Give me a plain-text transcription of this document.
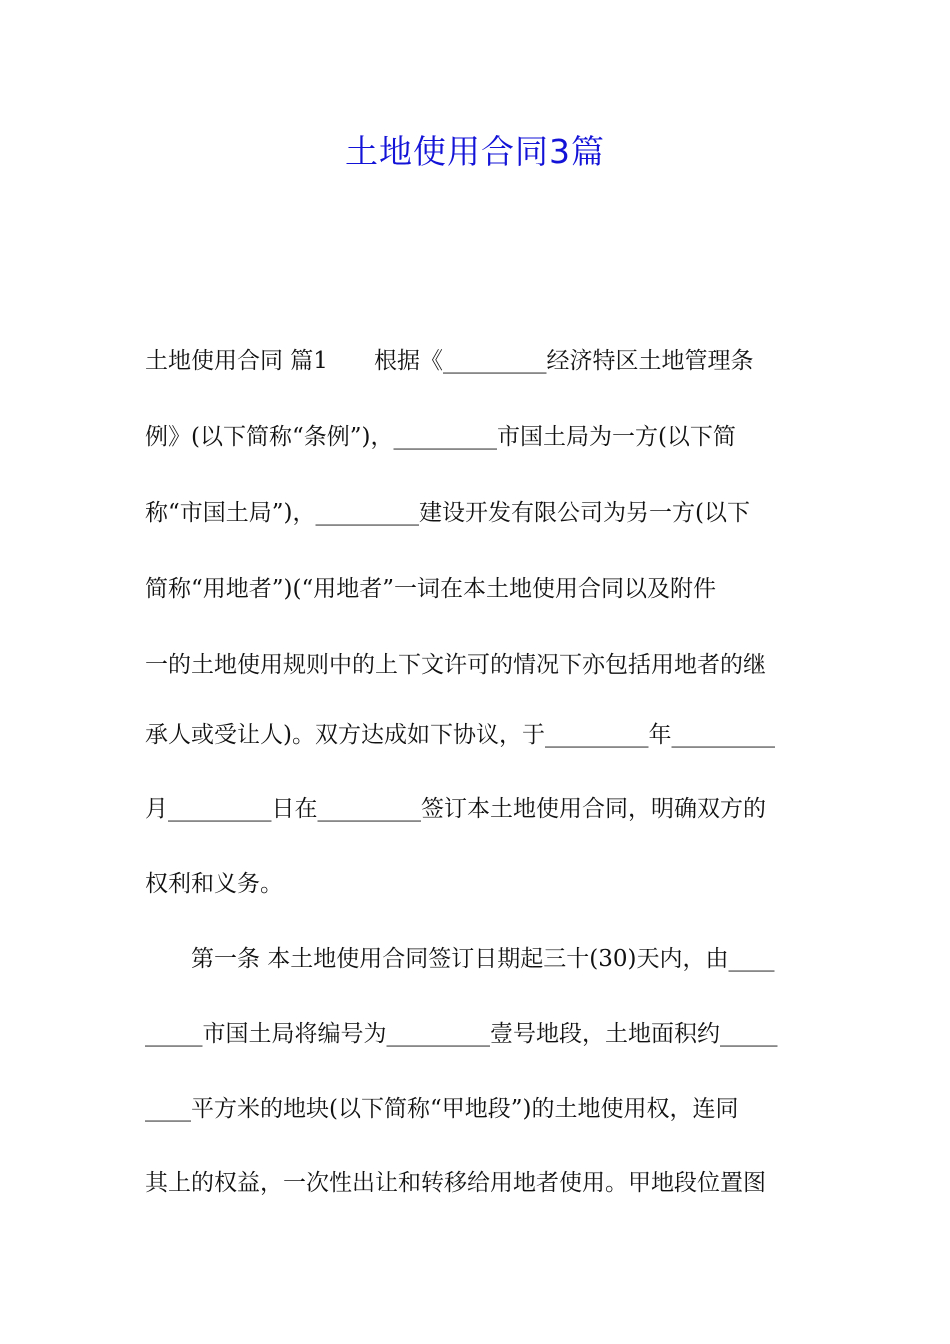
土地使用合同3篇
土地使用合同 篇1　　根据《_________经济特区土地管理条
例》(以下简称“条例”)，_________市国土局为一方(以下简
称“市国土局”)，_________建设开发有限公司为另一方(以下
简称“用地者”)(“用地者”一词在本土地使用合同以及附件
一的土地使用规则中的上下文许可的情况下亦包括用地者的继
承人或受让人)。双方达成如下协议，于_________年_________
月_________日在_________签订本土地使用合同，明确双方的
权利和义务。
　　第一条 本土地使用合同签订日期起三十(30)天内，由____
_____市国土局将编号为_________壹号地段，土地面积约_____
____平方米的地块(以下简称“甲地段”)的土地使用权，连同
其上的权益，一次性出让和转移给用地者使用。甲地段位置图
